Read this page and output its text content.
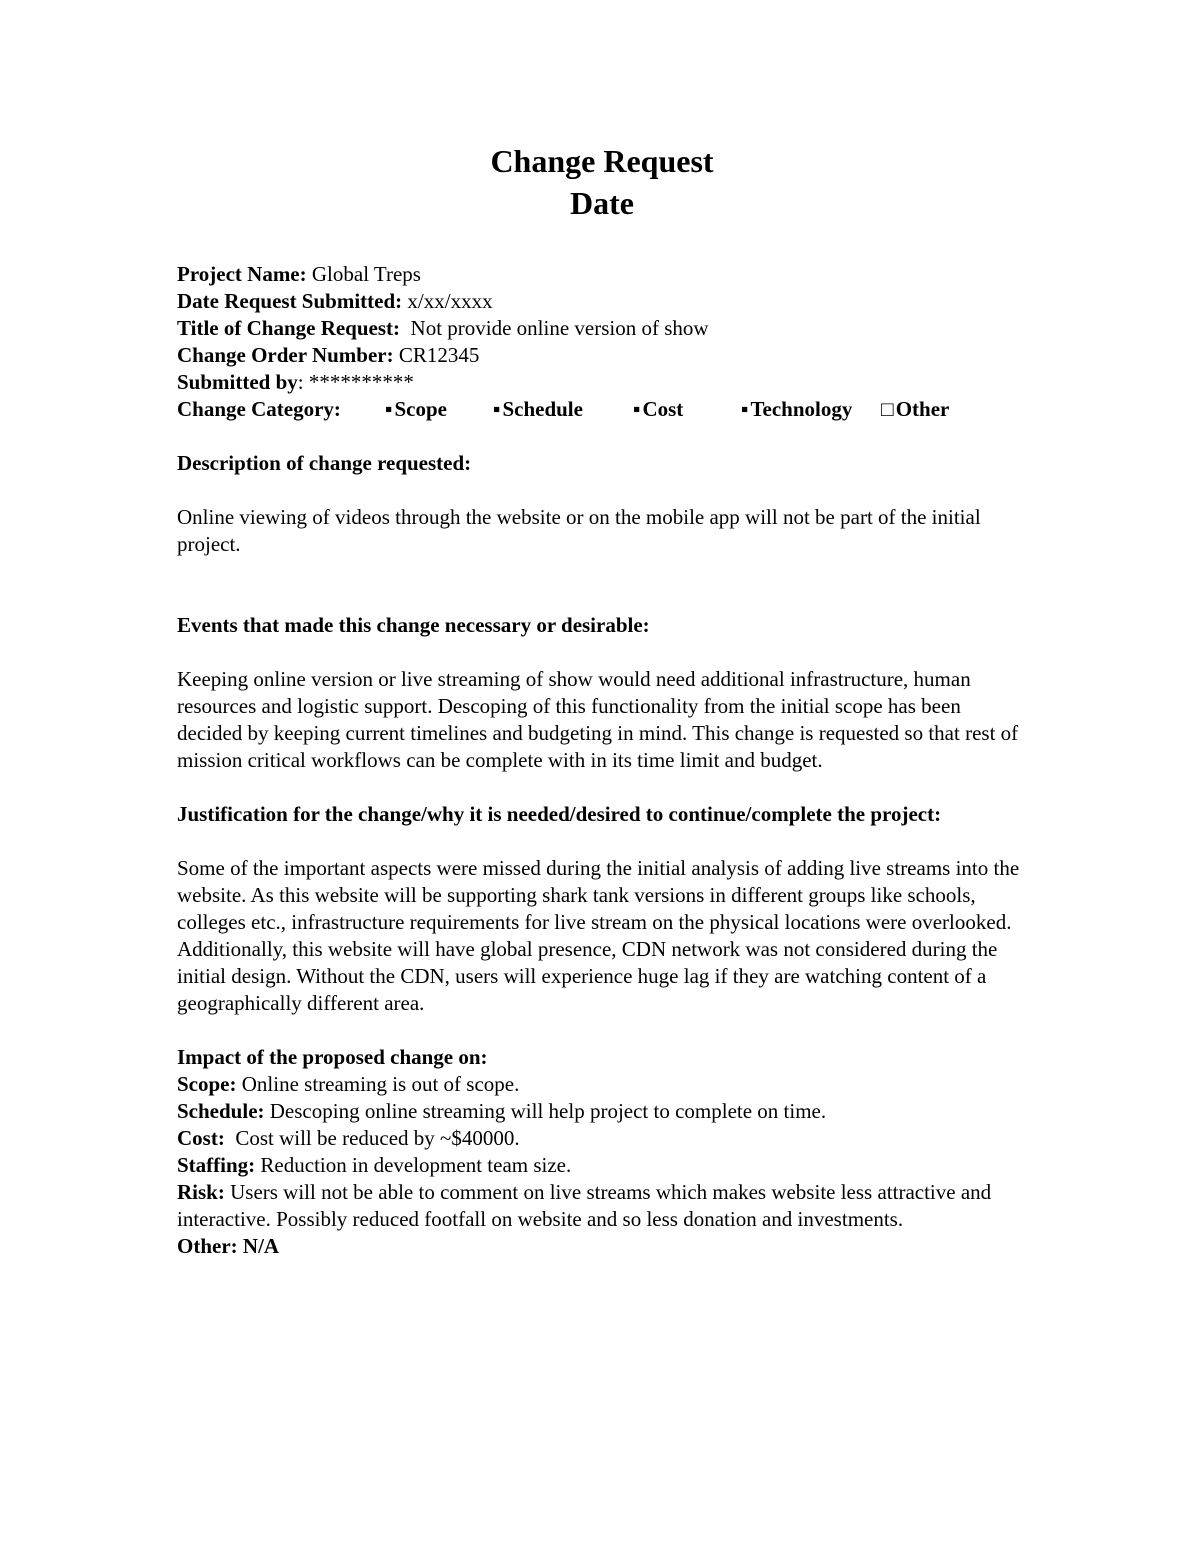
Change Request
Date
Project Name: Global Treps
Date Request Submitted: x/xx/xxxx
Title of Change Request:  Not provide online version of show
Change Order Number: CR12345
Submitted by: **********
Change Category:	▪Scope	▪Schedule	▪Cost	▪Technology	□Other

Description of change requested:

Online viewing of videos through the website or on the mobile app will not be part of the initial project.

Events that made this change necessary or desirable:

Keeping online version or live streaming of show would need additional infrastructure, human resources and logistic support. Descoping of this functionality from the initial scope has been decided by keeping current timelines and budgeting in mind. This change is requested so that rest of mission critical workflows can be complete with in its time limit and budget.

Justification for the change/why it is needed/desired to continue/complete the project:

Some of the important aspects were missed during the initial analysis of adding live streams into the website. As this website will be supporting shark tank versions in different groups like schools, colleges etc., infrastructure requirements for live stream on the physical locations were overlooked. Additionally, this website will have global presence, CDN network was not considered during the initial design. Without the CDN, users will experience huge lag if they are watching content of a geographically different area.

Impact of the proposed change on:

Scope: Online streaming is out of scope.
Schedule: Descoping online streaming will help project to complete on time.
Cost:  Cost will be reduced by ~$40000.
Staffing: Reduction in development team size.
Risk: Users will not be able to comment on live streams which makes website less attractive and interactive. Possibly reduced footfall on website and so less donation and investments.
Other: N/A
